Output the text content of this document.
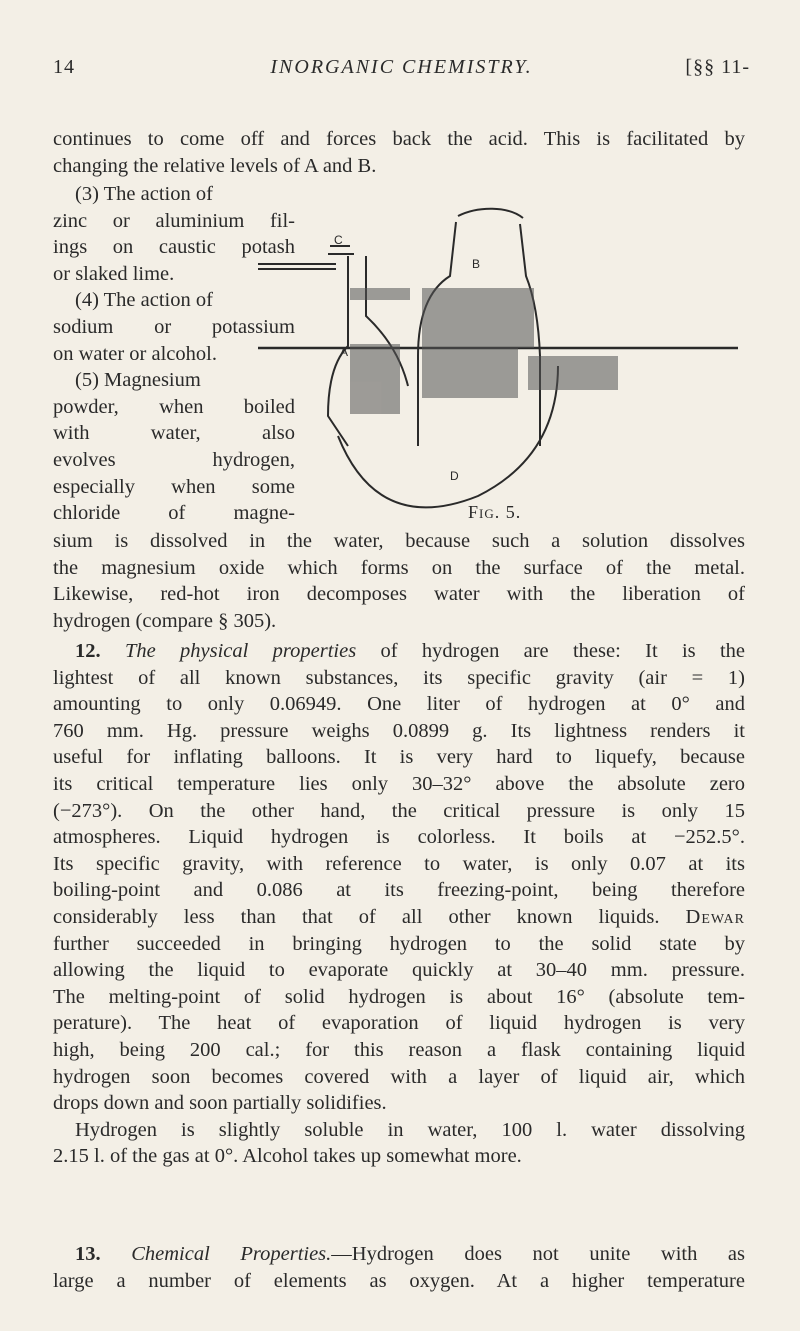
14	INORGANIC CHEMISTRY.	[§§ 11-

continues to come off and forces back the acid. This is facilitated by

changing the relative levels of A and B.

(3) The action of

zinc or aluminium fil-

ings on caustic potash

or slaked lime.

(4) The action of

sodium or potassium

on water or alcohol.

(5) Magnesium

powder, when boiled

with water, also

evolves hydrogen,

especially when some

chloride of magne-

C
B
A
D
Fig. 5.

sium is dissolved in the water, because such a solution dissolves

the magnesium oxide which forms on the surface of the metal.

Likewise, red-hot iron decomposes water with the liberation of

hydrogen (compare § 305).

12. The physical properties of hydrogen are these: It is the

lightest of all known substances, its specific gravity (air = 1)

amounting to only 0.06949. One liter of hydrogen at 0° and

760 mm. Hg. pressure weighs 0.0899 g. Its lightness renders it

useful for inflating balloons. It is very hard to liquefy, because

its critical temperature lies only 30–32° above the absolute zero

(−273°). On the other hand, the critical pressure is only 15

atmospheres. Liquid hydrogen is colorless. It boils at −252.5°.

Its specific gravity, with reference to water, is only 0.07 at its

boiling-point and 0.086 at its freezing-point, being therefore

considerably less than that of all other known liquids. Dewar

further succeeded in bringing hydrogen to the solid state by

allowing the liquid to evaporate quickly at 30–40 mm. pressure.

The melting-point of solid hydrogen is about 16° (absolute tem-

perature). The heat of evaporation of liquid hydrogen is very

high, being 200 cal.; for this reason a flask containing liquid

hydrogen soon becomes covered with a layer of liquid air, which

drops down and soon partially solidifies.

Hydrogen is slightly soluble in water, 100 l. water dissolving

2.15 l. of the gas at 0°. Alcohol takes up somewhat more.

13. Chemical Properties.—Hydrogen does not unite with as

large a number of elements as oxygen. At a higher temperature
